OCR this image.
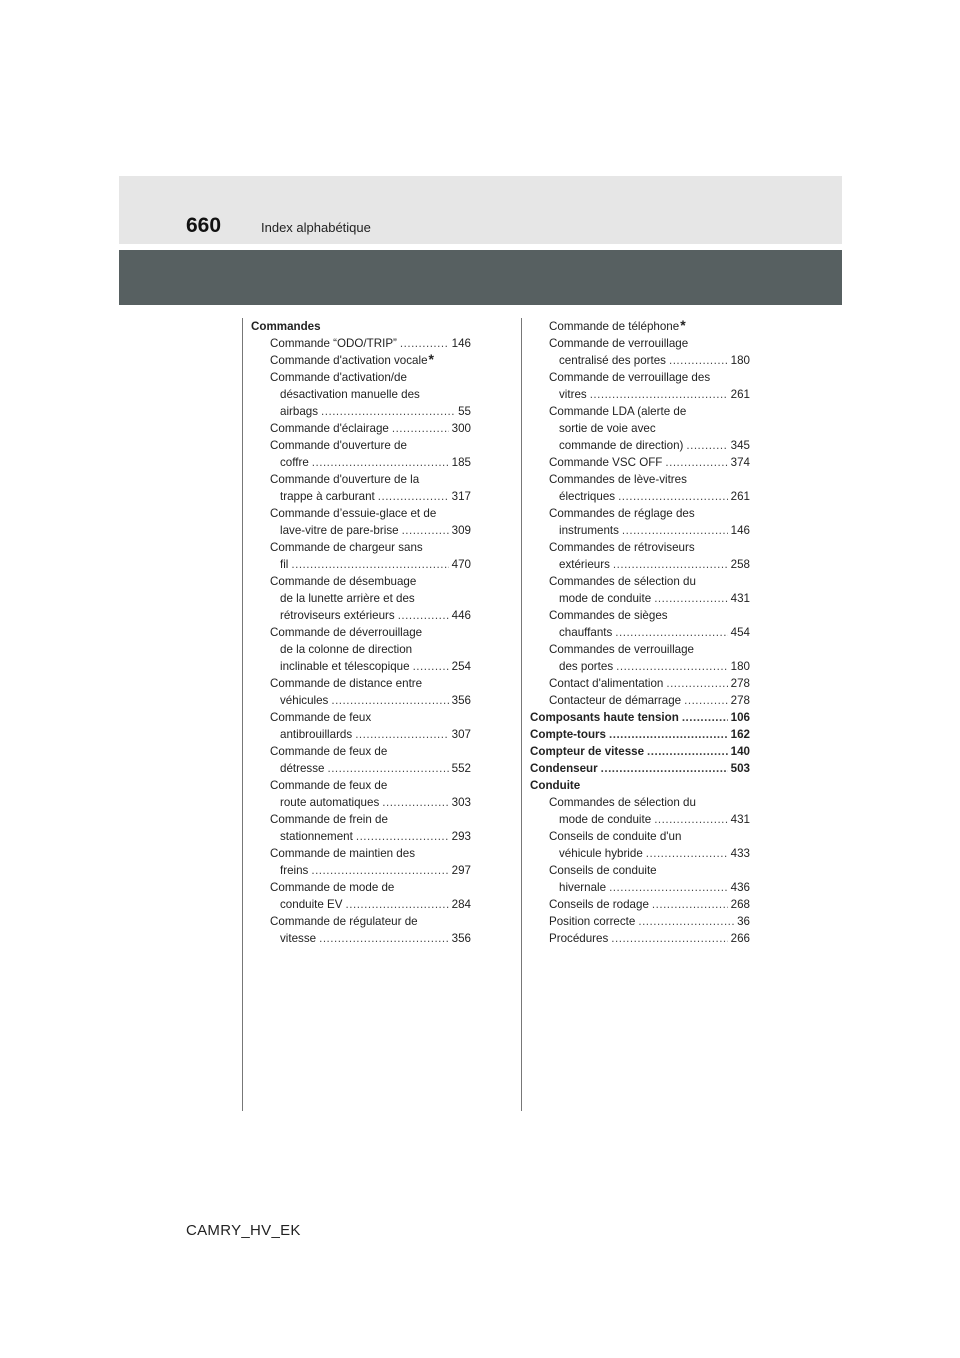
660	Index alphabétique
Commandes
Commande “ODO/TRIP” .....	146
Commande d'activation vocale *
Commande d'activation/de
désactivation manuelle des
airbags .....	55
Commande d'éclairage .....	300
Commande d'ouverture de
coffre .....	185
Commande d'ouverture de la
trappe à carburant .....	317
Commande d’essuie-glace et de
lave-vitre de pare-brise .....	309
Commande de chargeur sans
fil .....	470
Commande de désembuage
de la lunette arrière et des
rétroviseurs extérieurs .....	446
Commande de déverrouillage
de la colonne de direction
inclinable et télescopique .....	254
Commande de distance entre
véhicules .....	356
Commande de feux
antibrouillards .....	307
Commande de feux de
détresse .....	552
Commande de feux de
route automatiques .....	303
Commande de frein de
stationnement .....	293
Commande de maintien des
freins .....	297
Commande de mode de
conduite EV .....	284
Commande de régulateur de
vitesse .....	356
Commande de téléphone *
Commande de verrouillage
centralisé des portes .....	180
Commande de verrouillage des
vitres .....	261
Commande LDA (alerte de
sortie de voie avec
commande de direction) .....	345
Commande VSC OFF .....	374
Commandes de lève-vitres
électriques .....	261
Commandes de réglage des
instruments .....	146
Commandes de rétroviseurs
extérieurs .....	258
Commandes de sélection du
mode de conduite .....	431
Commandes de sièges
chauffants .....	454
Commandes de verrouillage
des portes .....	180
Contact d'alimentation .....	278
Contacteur de démarrage .....	278
Composants haute tension .....	106
Compte-tours .....	162
Compteur de vitesse .....	140
Condenseur .....	503
Conduite
Commandes de sélection du
mode de conduite .....	431
Conseils de conduite d'un
véhicule hybride .....	433
Conseils de conduite
hivernale .....	436
Conseils de rodage .....	268
Position correcte .....	36
Procédures .....	266
CAMRY_HV_EK
